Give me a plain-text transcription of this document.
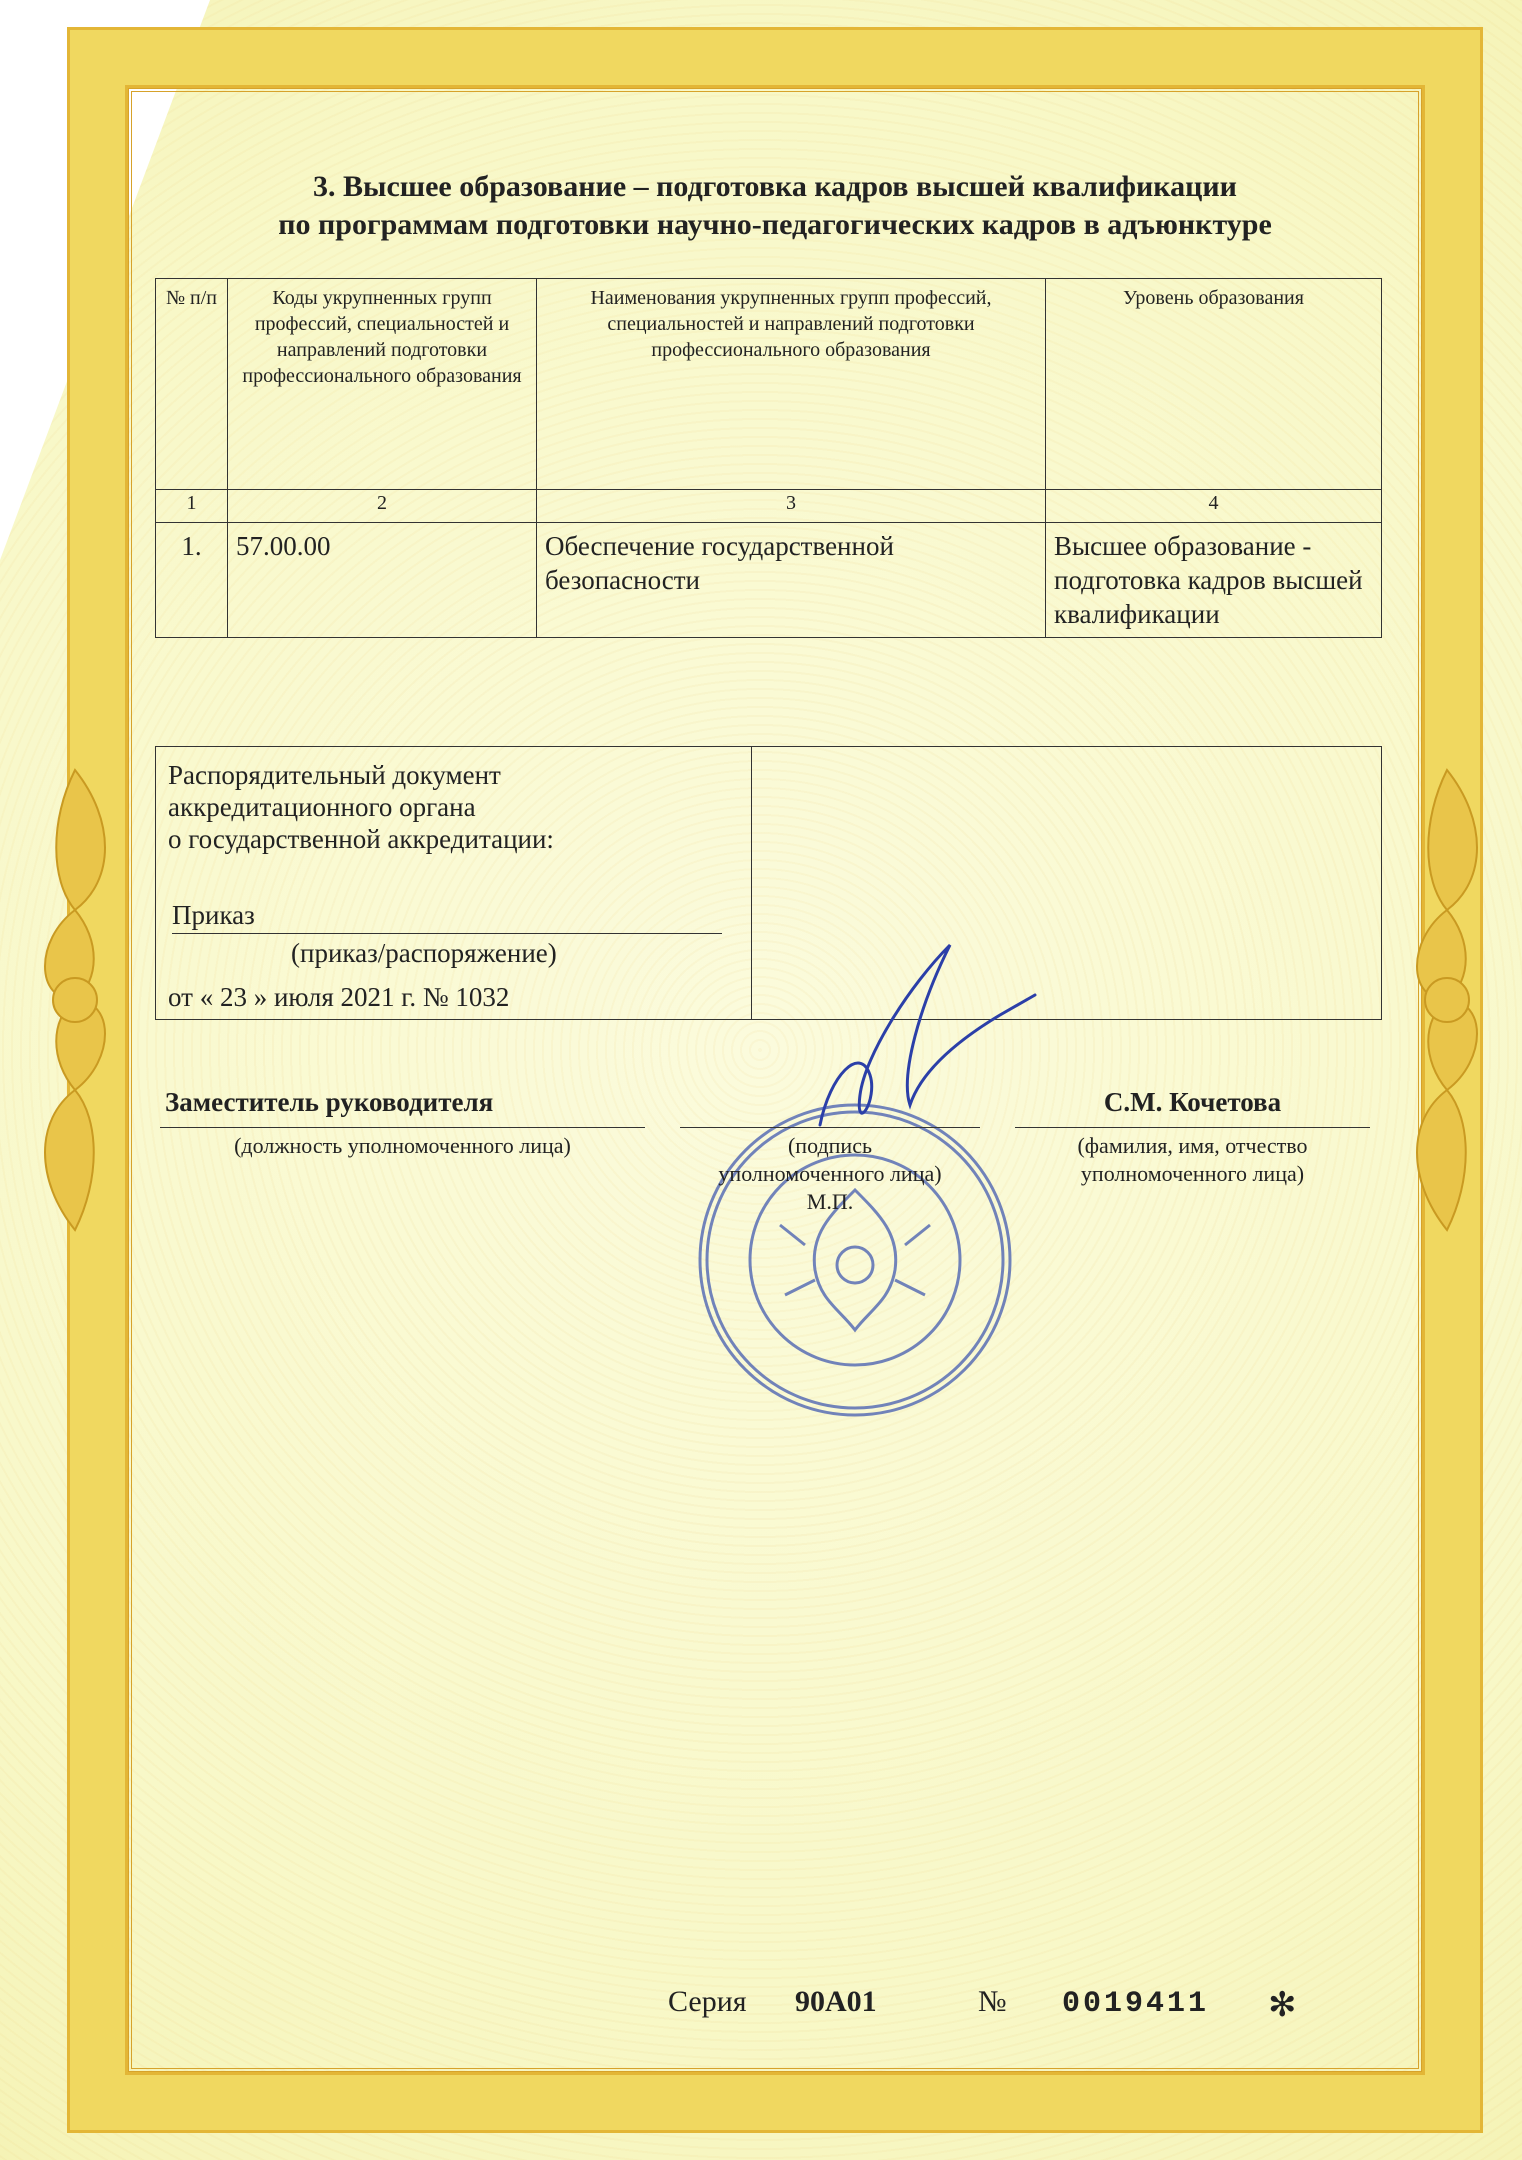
3. Высшее образование – подготовка кадров высшей квалификации
по программам подготовки научно-педагогических кадров в адъюнктуре
№ п/п	Коды укрупненных групп профессий, специальностей и направлений подготовки профессионального образования	Наименования укрупненных групп профессий, специальностей и направлений подготовки профессионального образования	Уровень образования
1	2	3	4
1.	57.00.00	Обеспечение государственной безопасности	Высшее образование - подготовка кадров высшей квалификации
Распорядительный документ
аккредитационного органа
о государственной аккредитации:
Приказ
(приказ/распоряжение)
от « 23 » июля 2021 г. № 1032

Заместитель руководителя
(должность уполномоченного лица)	(подпись
уполномоченного лица)
М.П.
С.М. Кочетова
(фамилия, имя, отчество
уполномоченного лица)
Серия 90А01	№ 0019411 ✻
